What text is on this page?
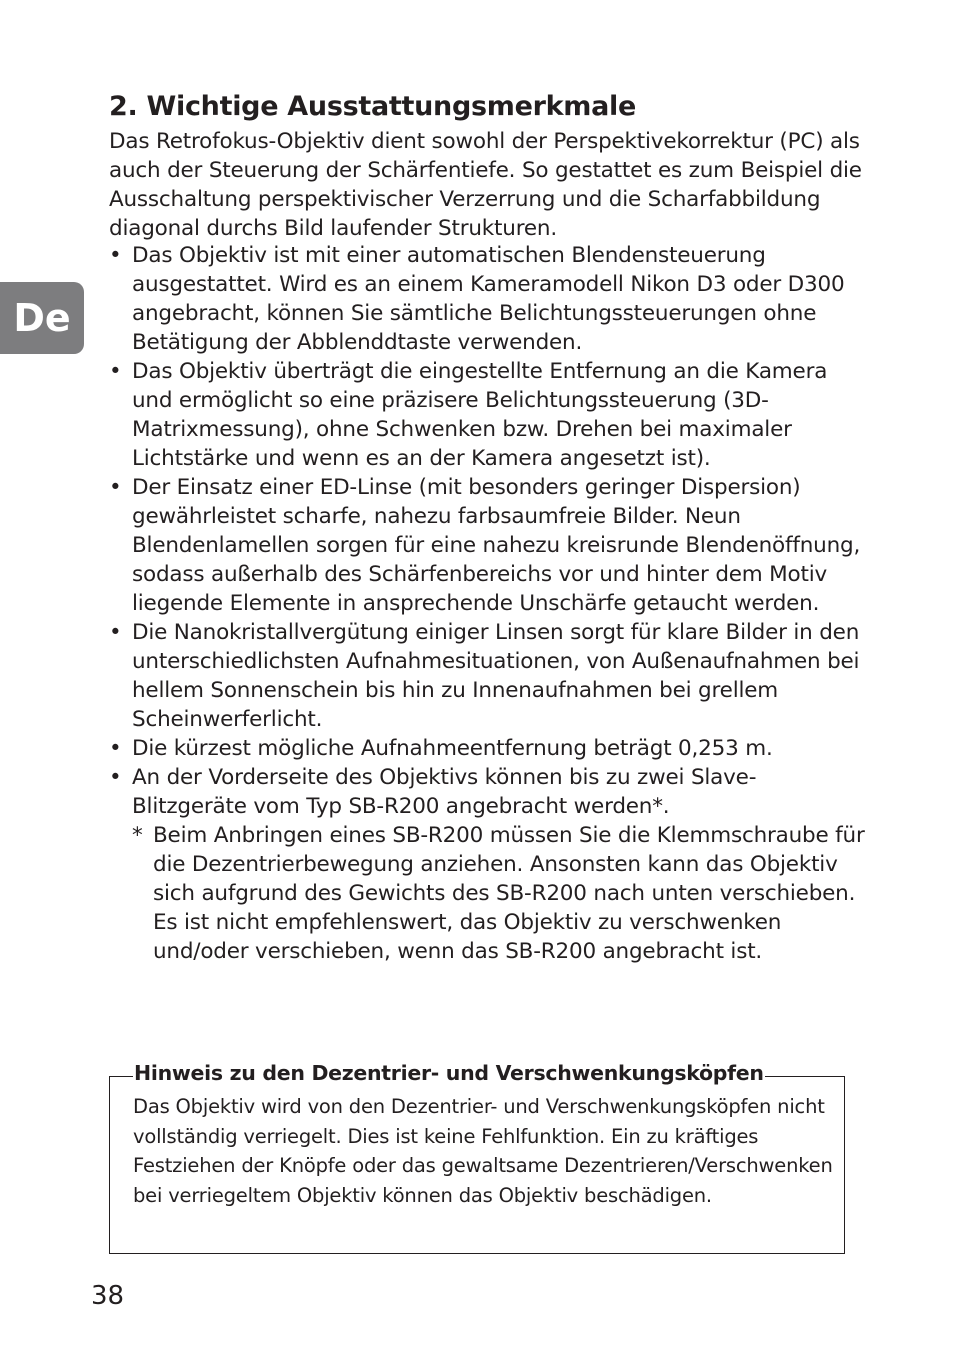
De
2. Wichtige Ausstattungsmerkmale

Das Retrofokus-Objektiv dient sowohl der Perspektivekorrektur (PC) als auch der Steuerung der Schärfentiefe. So gestattet es zum Beispiel die Ausschaltung perspektivischer Verzerrung und die Scharfabbildung diagonal durchs Bild laufender Strukturen.

• Das Objektiv ist mit einer automatischen Blendensteuerung ausgestattet. Wird es an einem Kameramodell Nikon D3 oder D300 angebracht, können Sie sämtliche Belichtungssteuerungen ohne Betätigung der Abblenddtaste verwenden.
• Das Objektiv überträgt die eingestellte Entfernung an die Kamera und ermöglicht so eine präzisere Belichtungssteuerung (3D-Matrixmessung), ohne Schwenken bzw. Drehen bei maximaler Lichtstärke und wenn es an der Kamera angesetzt ist).
• Der Einsatz einer ED-Linse (mit besonders geringer Dispersion) gewährleistet scharfe, nahezu farbsaumfreie Bilder. Neun Blendenlamellen sorgen für eine nahezu kreisrunde Blendenöffnung, sodass außerhalb des Schärfenbereichs vor und hinter dem Motiv liegende Elemente in ansprechende Unschärfe getaucht werden.
• Die Nanokristallvergütung einiger Linsen sorgt für klare Bilder in den unterschiedlichsten Aufnahmesituationen, von Außenaufnahmen bei hellem Sonnenschein bis hin zu Innenaufnahmen bei grellem Scheinwerferlicht.
• Die kürzest mögliche Aufnahmeentfernung beträgt 0,253 m.
• An der Vorderseite des Objektivs können bis zu zwei Slave-Blitzgeräte vom Typ SB-R200 angebracht werden*.
* Beim Anbringen eines SB-R200 müssen Sie die Klemmschraube für die Dezentrierbewegung anziehen. Ansonsten kann das Objektiv sich aufgrund des Gewichts des SB-R200 nach unten verschieben. Es ist nicht empfehlenswert, das Objektiv zu verschwenken und/oder verschieben, wenn das SB-R200 angebracht ist.
Hinweis zu den Dezentrier- und Verschwenkungsköpfen

Das Objektiv wird von den Dezentrier- und Verschwenkungsköpfen nicht vollständig verriegelt. Dies ist keine Fehlfunktion. Ein zu kräftiges Festziehen der Knöpfe oder das gewaltsame Dezentrieren/Verschwenken bei verriegeltem Objektiv können das Objektiv beschädigen.

38
